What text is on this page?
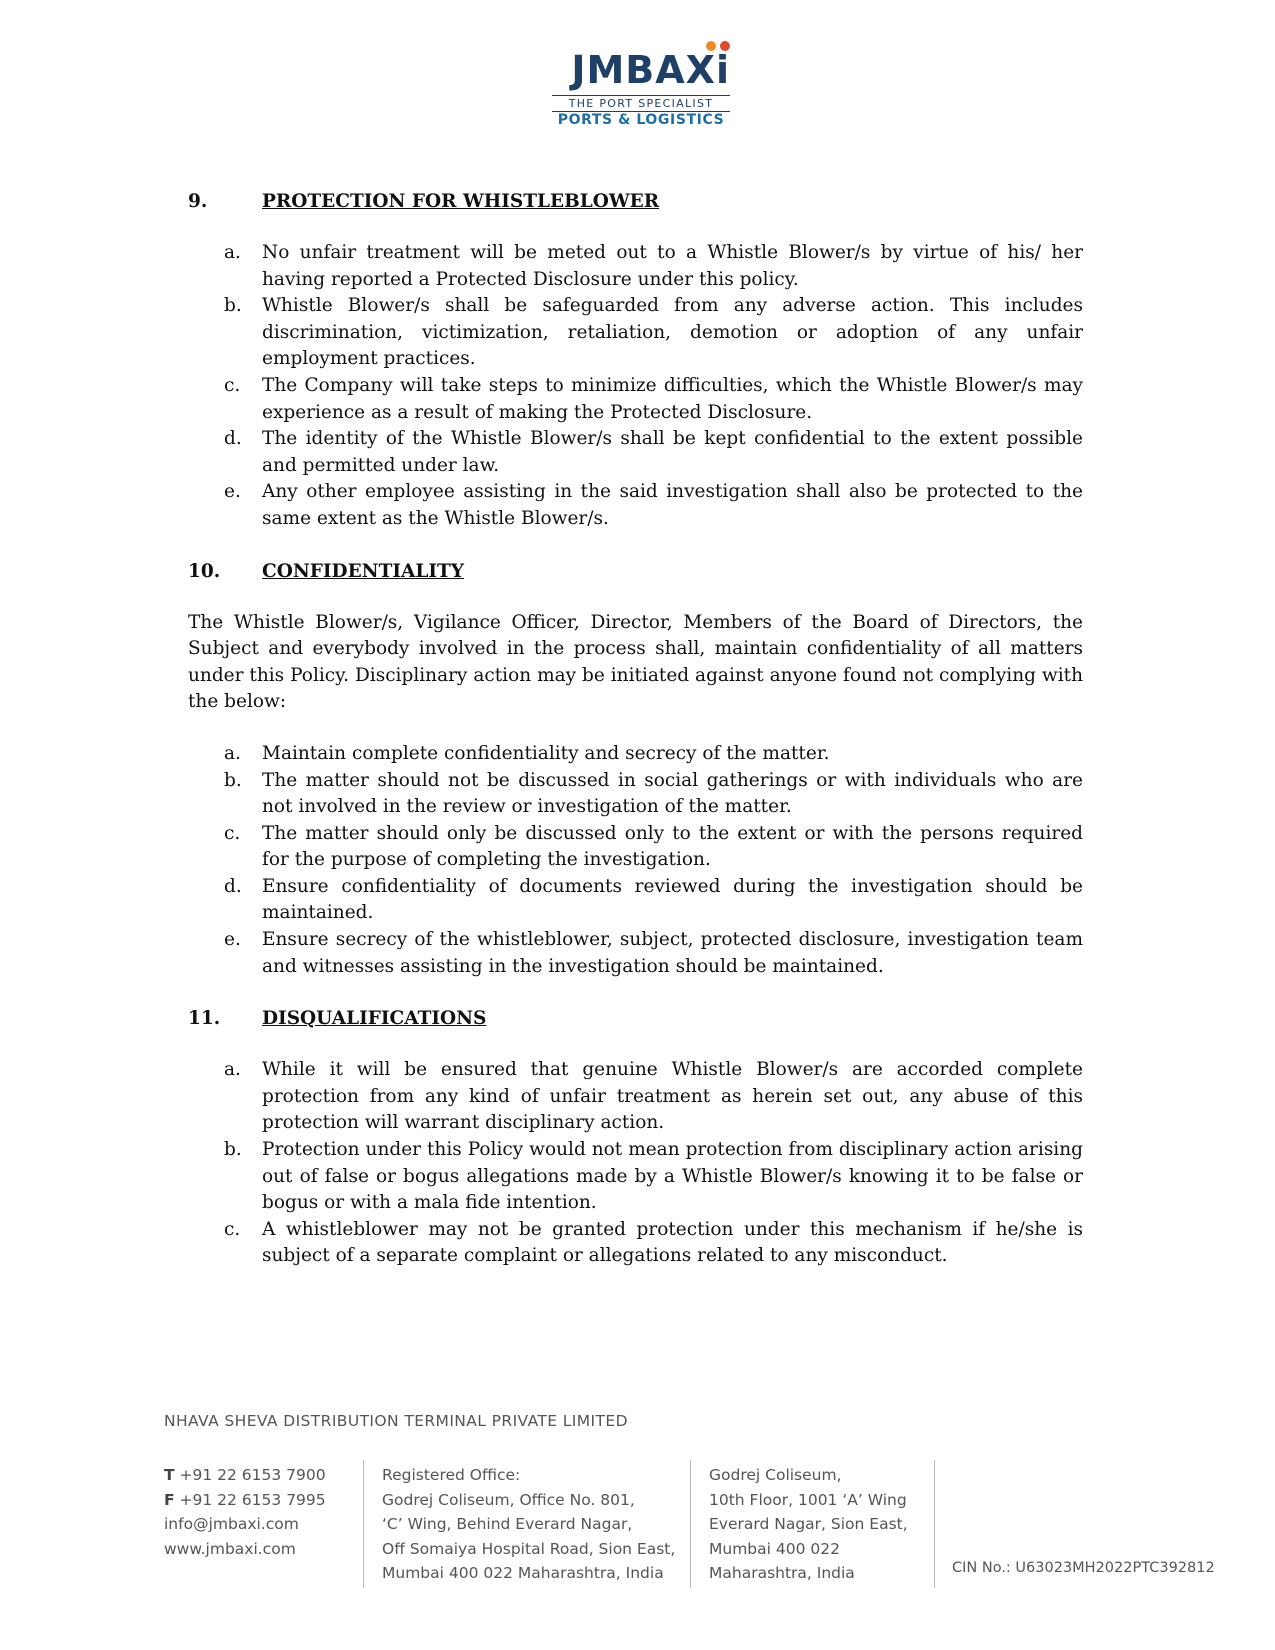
JMBAXi
THE PORT SPECIALIST
PORTS & LOGISTICS
9.	PROTECTION FOR WHISTLEBLOWER
a.	No unfair treatment will be meted out to a Whistle Blower/s by virtue of his/ her having reported a Protected Disclosure under this policy.
b.	Whistle Blower/s shall be safeguarded from any adverse action. This includes discrimination, victimization, retaliation, demotion or adoption of any unfair employment practices.
c.	The Company will take steps to minimize difficulties, which the Whistle Blower/s may experience as a result of making the Protected Disclosure.
d.	The identity of the Whistle Blower/s shall be kept confidential to the extent possible and permitted under law.
e.	Any other employee assisting in the said investigation shall also be protected to the same extent as the Whistle Blower/s.
10.	CONFIDENTIALITY

The Whistle Blower/s, Vigilance Officer, Director, Members of the Board of Directors, the Subject and everybody involved in the process shall, maintain confidentiality of all matters under this Policy. Disciplinary action may be initiated against anyone found not complying with the below:

a.	Maintain complete confidentiality and secrecy of the matter.
b.	The matter should not be discussed in social gatherings or with individuals who are not involved in the review or investigation of the matter.
c.	The matter should only be discussed only to the extent or with the persons required for the purpose of completing the investigation.
d.	Ensure confidentiality of documents reviewed during the investigation should be maintained.
e.	Ensure secrecy of the whistleblower, subject, protected disclosure, investigation team and witnesses assisting in the investigation should be maintained.
11.	DISQUALIFICATIONS
a.	While it will be ensured that genuine Whistle Blower/s are accorded complete protection from any kind of unfair treatment as herein set out, any abuse of this protection will warrant disciplinary action.
b.	Protection under this Policy would not mean protection from disciplinary action arising out of false or bogus allegations made by a Whistle Blower/s knowing it to be false or bogus or with a mala fide intention.
c.	A whistleblower may not be granted protection under this mechanism if he/she is subject of a separate complaint or allegations related to any misconduct.
NHAVA SHEVA DISTRIBUTION TERMINAL PRIVATE LIMITED
T +91 22 6153 7900
F +91 22 6153 7995
info@jmbaxi.com
www.jmbaxi.com
Registered Office:
Godrej Coliseum, Office No. 801,
‘C’ Wing, Behind Everard Nagar,
Off Somaiya Hospital Road, Sion East,
Mumbai 400 022 Maharashtra, India
Godrej Coliseum,
10th Floor, 1001 ‘A’ Wing
Everard Nagar, Sion East,
Mumbai 400 022
Maharashtra, India	CIN No.: U63023MH2022PTC392812
